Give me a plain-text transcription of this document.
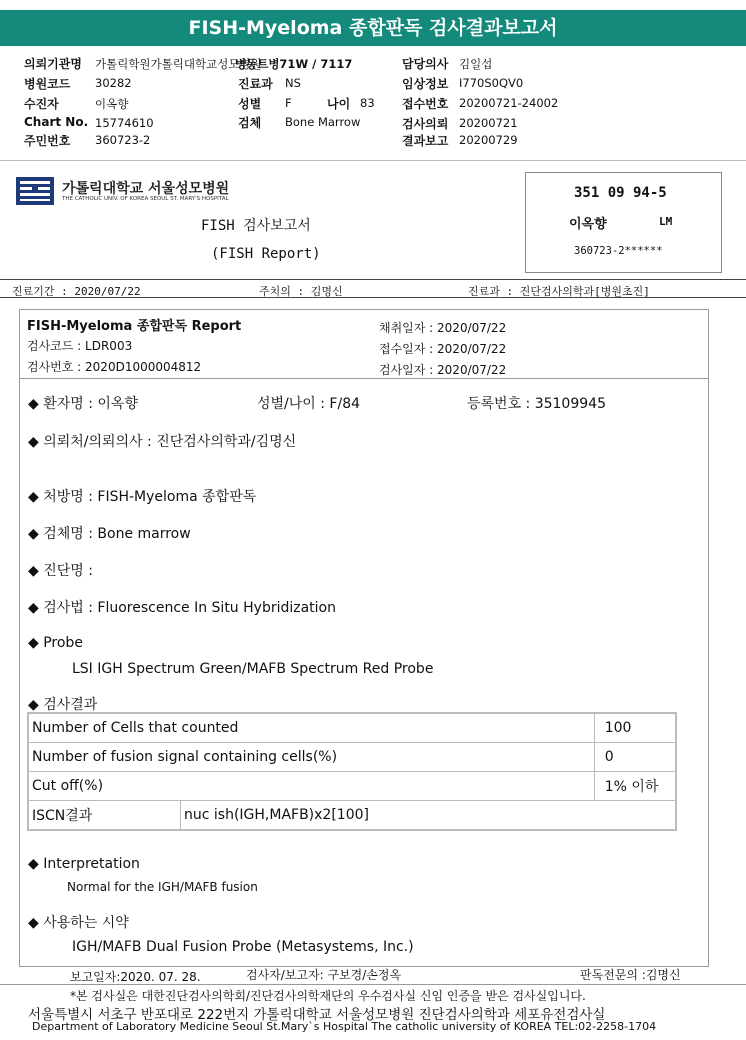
FISH-Myeloma 종합판독 검사결과보고서
의뢰기관명 가톨릭학원가톨릭대학교성모병원
병동트병71W / 7117	담당의사 김일섭
병원코드 30282	진료과 NS	임상정보 I770S0QV0
수진자	이옥향	성별 F	나이 83 접수번호 20200721-24002
Chart No. 15774610	검체 Bone Marrow	검사의뢰 20200721
주민번호 360723-2	결과보고 20200729
가톨릭대학교 서울성모병원
THE CATHOLIC UNIV. OF KOREA SEOUL ST. MARY'S HOSPITAL
FISH 검사보고서
(FISH Report)
351 09 94-5
이옥향	LM
360723-2******
진료기간 : 2020/07/22	주치의 : 김명신	진료과 : 진단검사의학과[병원초진]
FISH-Myeloma 종합판독 Report
검사코드 : LDR003
검사번호 : 2020D1000004812
채취일자 : 2020/07/22
접수일자 : 2020/07/22
검사일자 : 2020/07/22
◆ 환자명 : 이옥향	성별/나이 : F/84	등록번호 : 35109945
◆ 의뢰처/의뢰의사 : 진단검사의학과/김명신
◆ 처방명 : FISH-Myeloma 종합판독
◆ 검체명 : Bone marrow
◆ 진단명 :
◆ 검사법 : Fluorescence In Situ Hybridization
◆ Probe
LSI IGH Spectrum Green/MAFB Spectrum Red Probe
◆ 검사결과
Number of Cells that counted		100
Number of fusion signal containing cells(%)		0
Cut off(%)		1% 이하
ISCN결과	nuc ish(IGH,MAFB)x2[100]	
◆ Interpretation
Normal for the IGH/MAFB fusion
◆ 사용하는 시약
IGH/MAFB Dual Fusion Probe (Metasystems, Inc.)
보고일자:2020. 07. 28.	검사자/보고자: 구보경/손정옥	판독전문의 :김명신
*본 검사실은 대한진단검사의학회/진단검사의학재단의 우수검사실 신임 인증을 받은 검사실입니다.
서울특별시 서초구 반포대로 222번지 가톨릭대학교 서울성모병원 진단검사의학과 세포유전검사실
Department of Laboratory Medicine Seoul St.Mary`s Hospital The catholic university of KOREA TEL:02-2258-1704
